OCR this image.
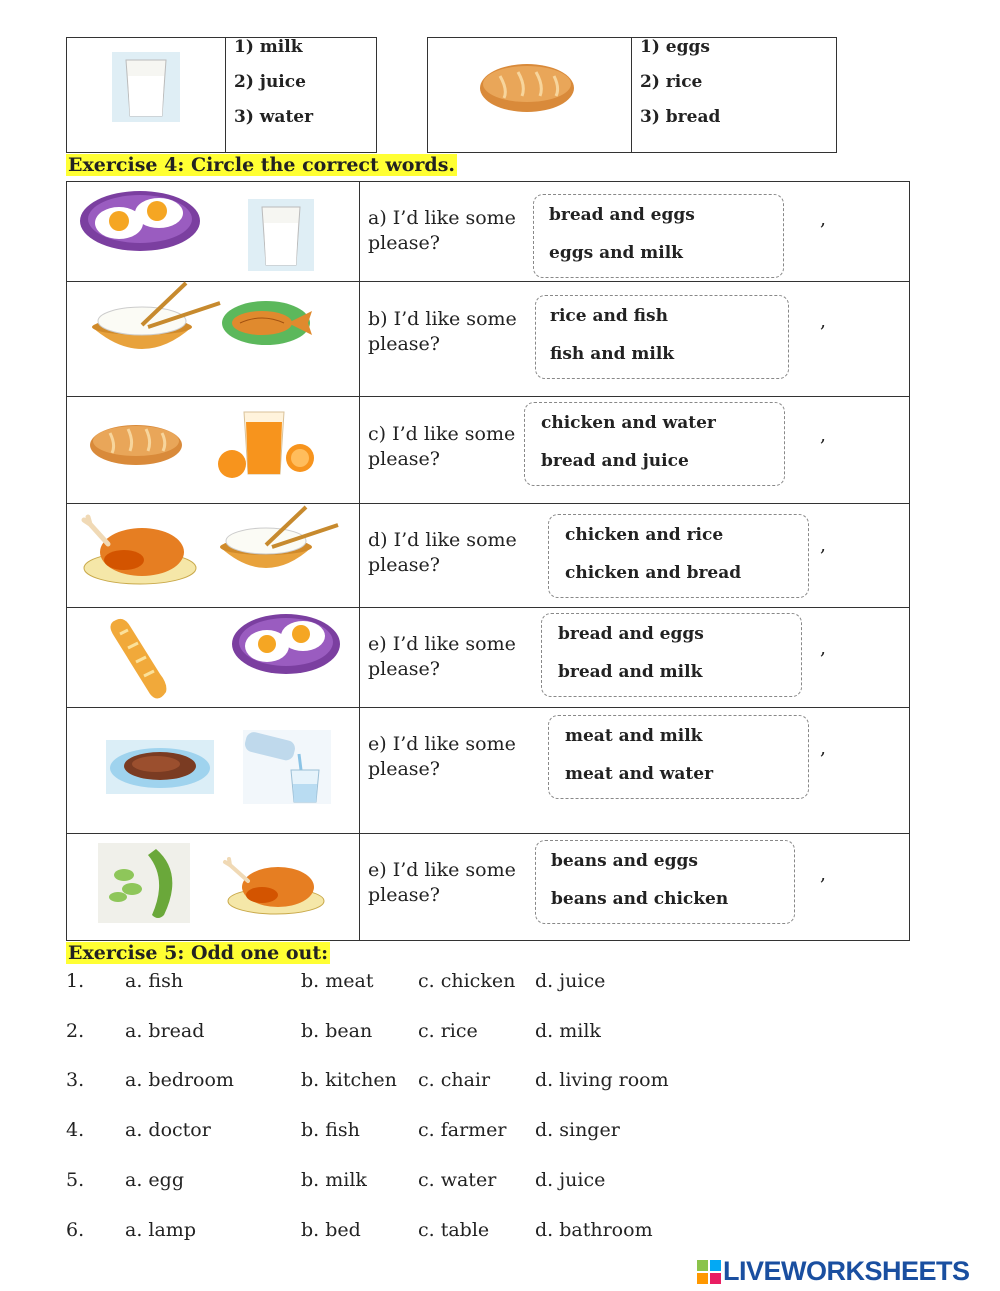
1) milk
2) juice
3) water
1) eggs
2) rice
3) bread
Exercise 4: Circle the correct words.
a) I’d like some please?
bread and eggs
eggs and milk
,
b) I’d like some please?
rice and fish
fish and milk
,
c) I’d like some please?
chicken and water
bread and juice
,
d) I’d like some please?
chicken and rice
chicken and bread
,
e) I’d like some please?
bread and eggs
bread and milk
,
e) I’d like some please?
meat and milk
meat and water
,
e) I’d like some please?
beans and eggs
beans and chicken
,
Exercise 5: Odd one out:
1. a. fish	b. meat c. chicken d. juice
2. a. bread	b. bean c. rice	d. milk
3. a. bedroom	b. kitchen c. chair d. living room
4. a. doctor	b. fish	c. farmer d. singer
5. a. egg	b. milk	c. water d. juice
6. a. lamp	b. bed	c. table d. bathroom
LIVEWORKSHEETS
